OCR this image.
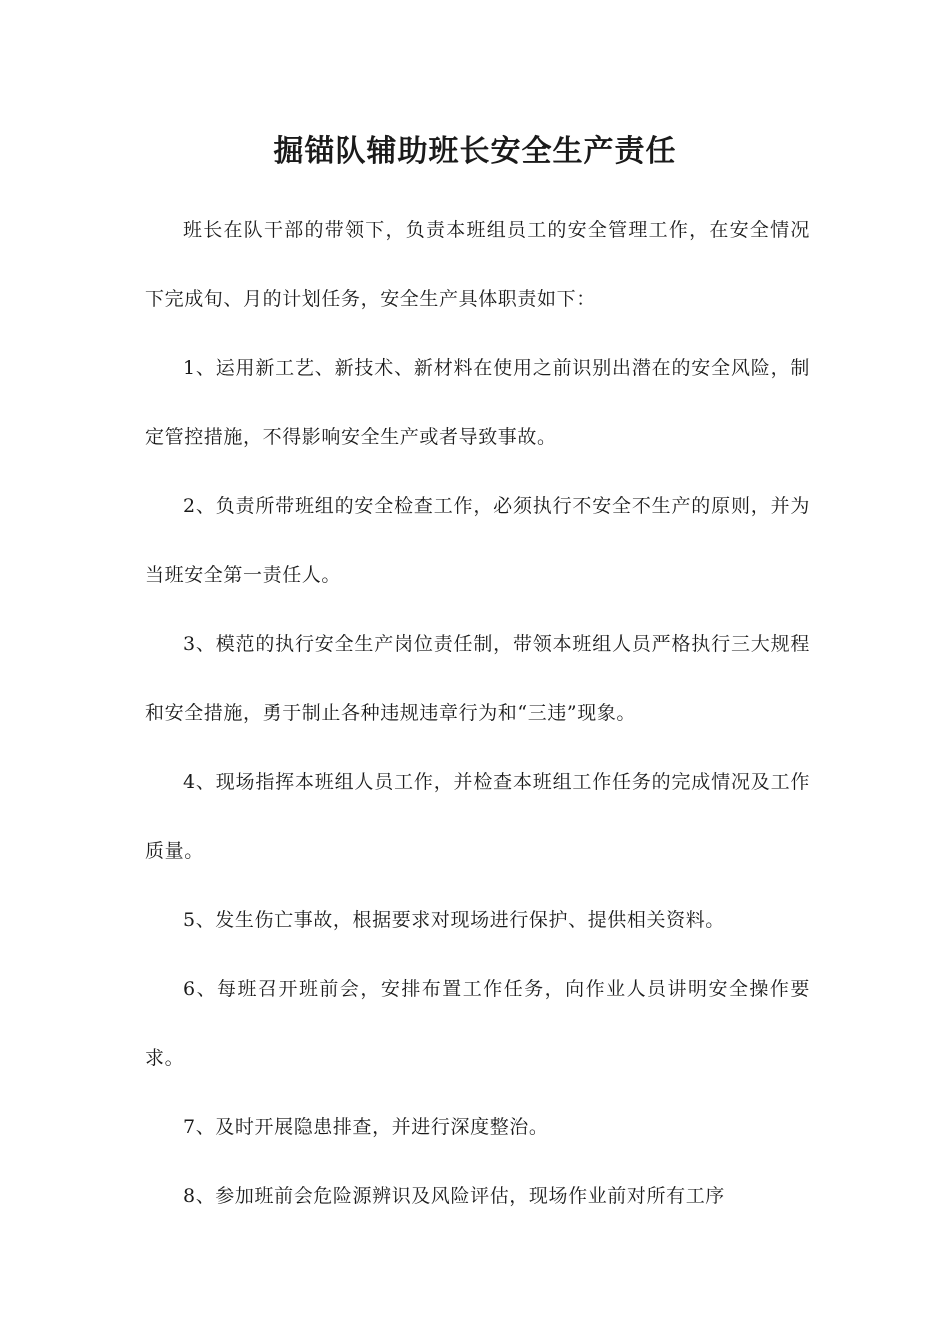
掘锚队辅助班长安全生产责任

班长在队干部的带领下，负责本班组员工的安全管理工作，在安全情况下完成旬、月的计划任务，安全生产具体职责如下：

1、运用新工艺、新技术、新材料在使用之前识别出潜在的安全风险，制定管控措施，不得影响安全生产或者导致事故。

2、负责所带班组的安全检查工作，必须执行不安全不生产的原则，并为当班安全第一责任人。

3、模范的执行安全生产岗位责任制，带领本班组人员严格执行三大规程和安全措施，勇于制止各种违规违章行为和“三违”现象。

4、现场指挥本班组人员工作，并检查本班组工作任务的完成情况及工作质量。

5、发生伤亡事故，根据要求对现场进行保护、提供相关资料。

6、每班召开班前会，安排布置工作任务，向作业人员讲明安全操作要求。

7、及时开展隐患排查，并进行深度整治。

8、参加班前会危险源辨识及风险评估，现场作业前对所有工序
